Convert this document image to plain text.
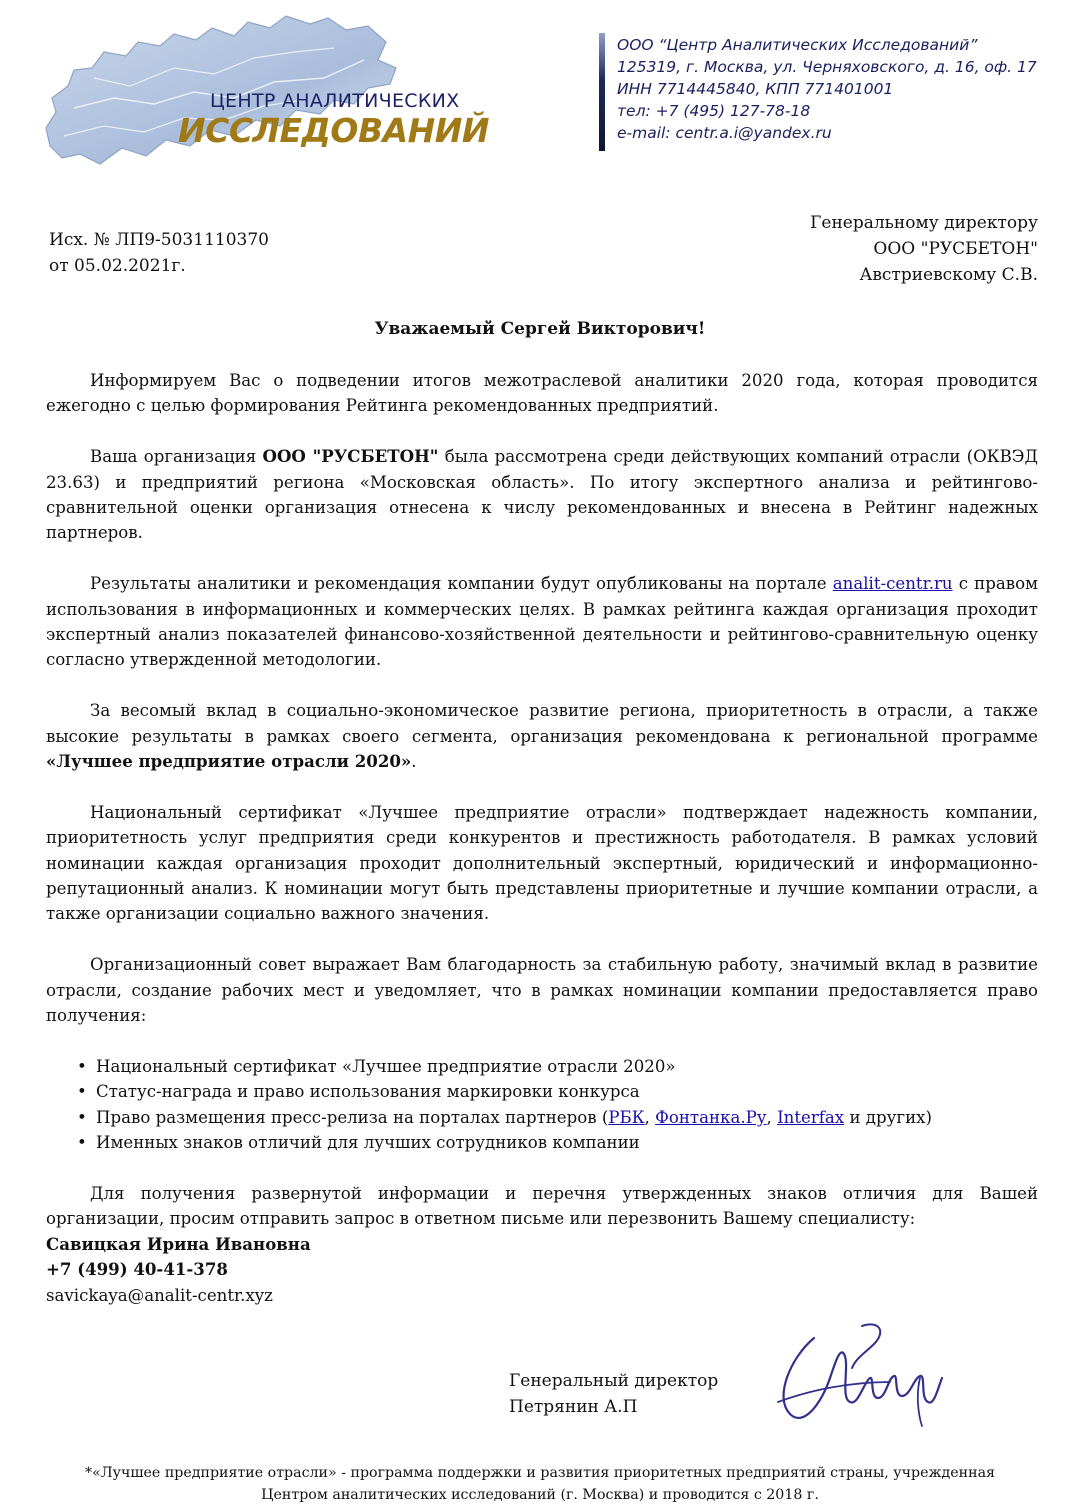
ЦЕНТР АНАЛИТИЧЕСКИХ
ИССЛЕДОВАНИЙ
ООО “Центр Аналитических Исследований”
125319, г. Москва, ул. Черняховского, д. 16, оф. 17
ИНН 7714445840, КПП 771401001
тел: +7 (495) 127-78-18
e-mail: centr.a.i@yandex.ru
Исх. № ЛП9-5031110370
от 05.02.2021г.
Генеральному директору
ООО "РУСБЕТОН"
Австриевскому С.В.
Уважаемый Сергей Викторович!

Информируем Вас о подведении итогов межотраслевой аналитики 2020 года, которая проводится ежегодно с целью формирования Рейтинга рекомендованных предприятий.

Ваша организация ООО "РУСБЕТОН" была рассмотрена среди действующих компаний отрасли (ОКВЭД 23.63) и предприятий региона «Московская область». По итогу экспертного анализа и рейтингово-сравнительной оценки организация отнесена к числу рекомендованных и внесена в Рейтинг надежных партнеров.

Результаты аналитики и рекомендация компании будут опубликованы на портале analit-centr.ru с правом использования в информационных и коммерческих целях. В рамках рейтинга каждая организация проходит экспертный анализ показателей финансово-хозяйственной деятельности и рейтингово-сравнительную оценку согласно утвержденной методологии.

За весомый вклад в социально-экономическое развитие региона, приоритетность в отрасли, а также высокие результаты в рамках своего сегмента, организация рекомендована к региональной программе «Лучшее предприятие отрасли 2020».

Национальный сертификат «Лучшее предприятие отрасли» подтверждает надежность компании, приоритетность услуг предприятия среди конкурентов и престижность работодателя. В рамках условий номинации каждая организация проходит дополнительный экспертный, юридический и информационно-репутационный анализ. К номинации могут быть представлены приоритетные и лучшие компании отрасли, а также организации социально важного значения.

Организационный совет выражает Вам благодарность за стабильную работу, значимый вклад в развитие отрасли, создание рабочих мест и уведомляет, что в рамках номинации компании предоставляется право получения:

• Национальный сертификат «Лучшее предприятие отрасли 2020»
• Статус-награда и право использования маркировки конкурса
• Право размещения пресс-релиза на порталах партнеров (РБК, Фонтанка.Ру, Interfax и других)
• Именных знаков отличий для лучших сотрудников компании

Для получения развернутой информации и перечня утвержденных знаков отличия для Вашей организации, просим отправить запрос в ответном письме или перезвонить Вашему специалисту:

Савицкая Ирина Ивановна
+7 (499) 40-41-378
savickaya@analit-centr.xyz
Генеральный директор
Петрянин А.П
*«Лучшее предприятие отрасли» - программа поддержки и развития приоритетных предприятий страны, учрежденная
Центром аналитических исследований (г. Москва) и проводится с 2018 г.
